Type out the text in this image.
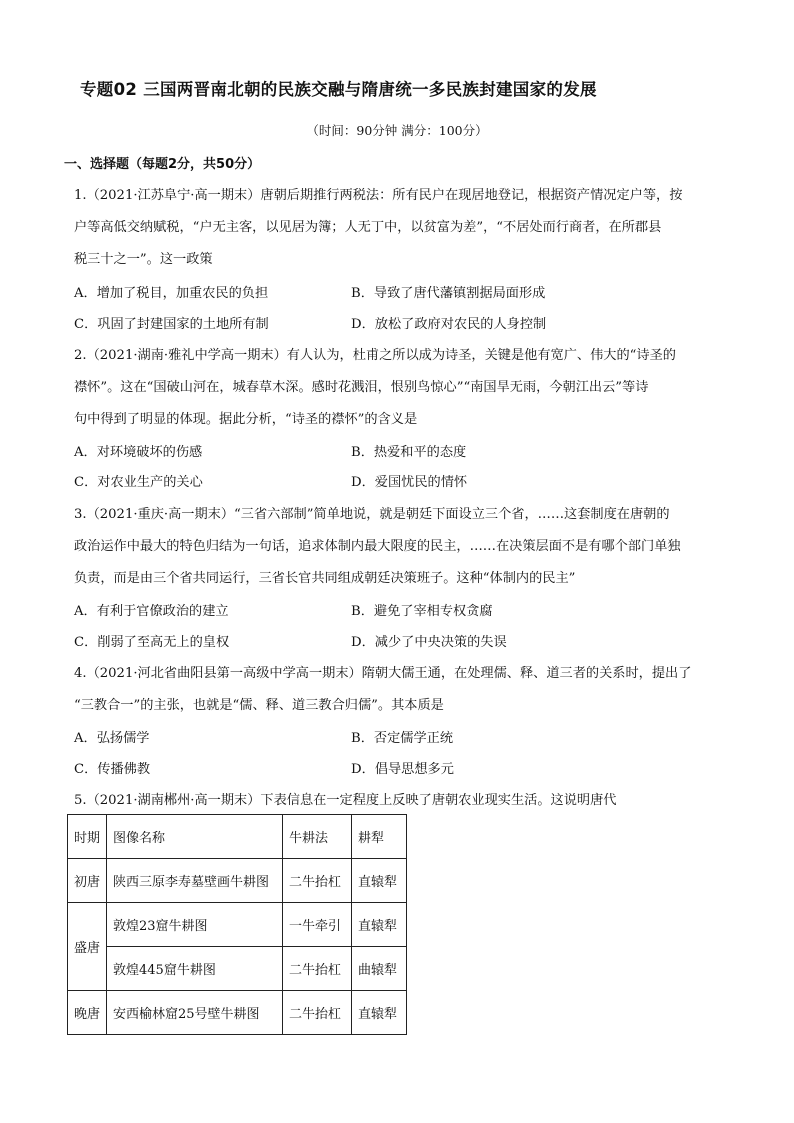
专题02 三国两晋南北朝的民族交融与隋唐统一多民族封建国家的发展
（时间：90分钟 满分：100分）
一、选择题（每题2分，共50分）
1.（2021·江苏阜宁·高一期末）唐朝后期推行两税法：所有民户在现居地登记，根据资产情况定户等，按
户等高低交纳赋税，“户无主客，以见居为簿；人无丁中，以贫富为差”，“不居处而行商者，在所郡县
税三十之一”。这一政策
A．增加了税目，加重农民的负担	B．导致了唐代藩镇割据局面形成
C．巩固了封建国家的土地所有制	D．放松了政府对农民的人身控制
2.（2021·湖南·雅礼中学高一期末）有人认为，杜甫之所以成为诗圣，关键是他有宽广、伟大的“诗圣的
襟怀”。这在“国破山河在，城春草木深。感时花溅泪，恨别鸟惊心”“南国旱无雨，今朝江出云”等诗
句中得到了明显的体现。据此分析，“诗圣的襟怀”的含义是
A．对环境破坏的伤感	B．热爱和平的态度
C．对农业生产的关心	D．爱国忧民的情怀
3.（2021·重庆·高一期末）“三省六部制”简单地说，就是朝廷下面设立三个省，……这套制度在唐朝的
政治运作中最大的特色归结为一句话，追求体制内最大限度的民主，……在决策层面不是有哪个部门单独
负责，而是由三个省共同运行，三省长官共同组成朝廷决策班子。这种“体制内的民主”
A．有利于官僚政治的建立	B．避免了宰相专权贪腐
C．削弱了至高无上的皇权	D．减少了中央决策的失误
4.（2021·河北省曲阳县第一高级中学高一期末）隋朝大儒王通，在处理儒、释、道三者的关系时，提出了
“三教合一”的主张，也就是“儒、释、道三教合归儒”。其本质是
A．弘扬儒学	B．否定儒学正统
C．传播佛教	D．倡导思想多元
5.（2021·湖南郴州·高一期末）下表信息在一定程度上反映了唐朝农业现实生活。这说明唐代
时期	图像名称	牛耕法	耕犁
初唐	陕西三原李寿墓壁画牛耕图	二牛抬杠	直辕犁
盛唐	敦煌23窟牛耕图	一牛牵引	直辕犁
	敦煌445窟牛耕图	二牛抬杠	曲辕犁
晚唐	安西榆林窟25号壁牛耕图	二牛抬杠	直辕犁
